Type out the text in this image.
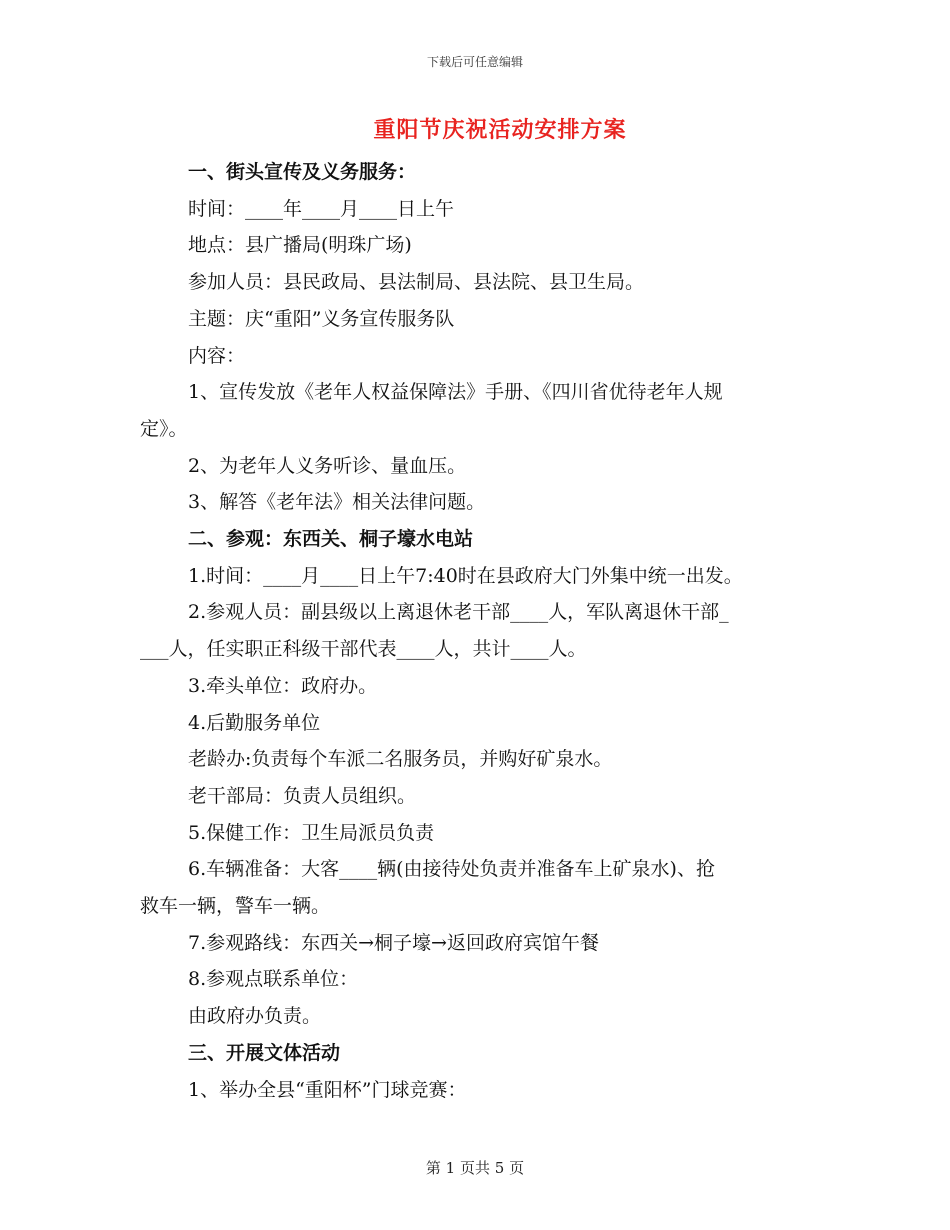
下载后可任意编辑
重阳节庆祝活动安排方案
一、街头宣传及义务服务：
时间：____年____月____日上午
地点：县广播局(明珠广场)
参加人员：县民政局、县法制局、县法院、县卫生局。
主题：庆“重阳”义务宣传服务队
内容：
1、宣传发放《老年人权益保障法》手册、《四川省优待老年人规
定》。
2、为老年人义务听诊、量血压。
3、解答《老年法》相关法律问题。
二、参观：东西关、桐子壕水电站
1.时间：____月____日上午7:40时在县政府大门外集中统一出发。
2.参观人员：副县级以上离退休老干部____人，军队离退休干部_
___人，任实职正科级干部代表____人，共计____人。
3.牵头单位：政府办。
4.后勤服务单位
老龄办:负责每个车派二名服务员，并购好矿泉水。
老干部局：负责人员组织。
5.保健工作：卫生局派员负责
6.车辆准备：大客____辆(由接待处负责并准备车上矿泉水)、抢
救车一辆，警车一辆。
7.参观路线：东西关→桐子壕→返回政府宾馆午餐
8.参观点联系单位：
由政府办负责。
三、开展文体活动
1、举办全县“重阳杯”门球竞赛：
第 1 页共 5 页
